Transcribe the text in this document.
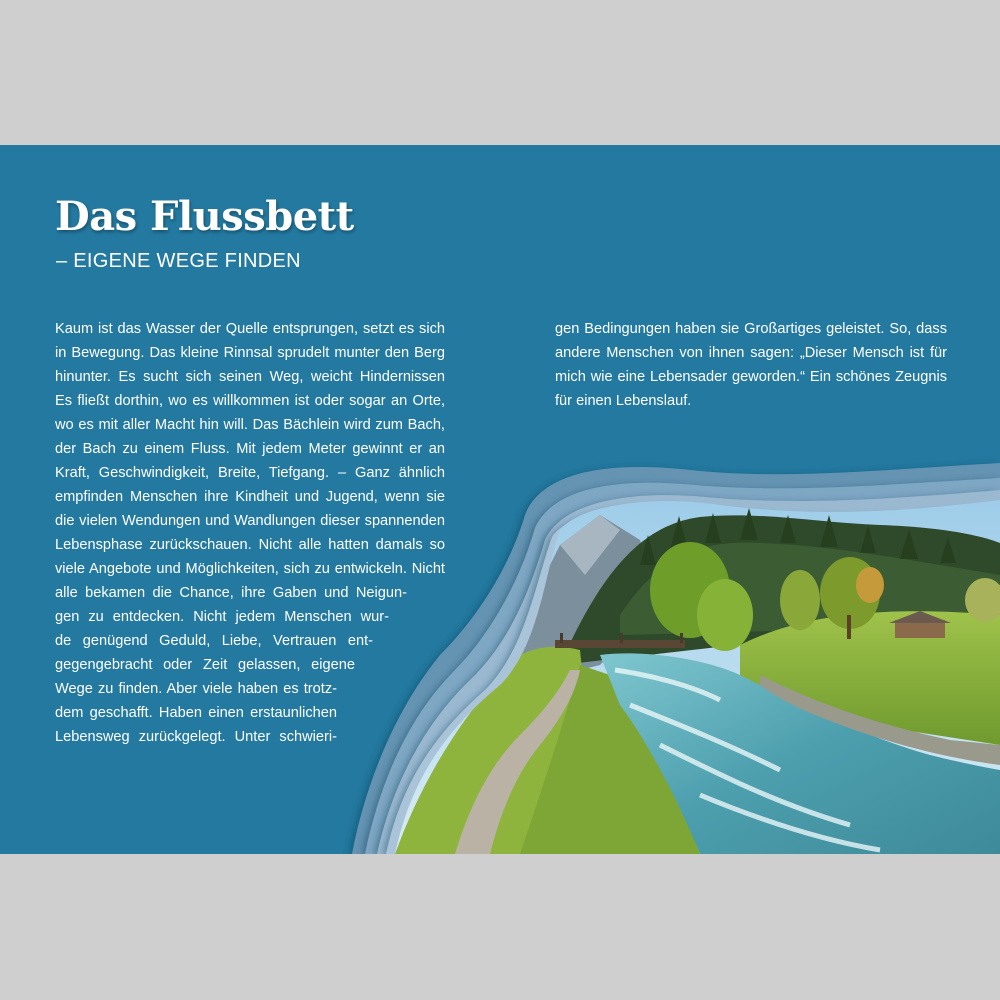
Das Flussbett
– EIGENE WEGE FINDEN
Kaum ist das Wasser der Quelle entsprungen, setzt es sich
in Bewegung. Das kleine Rinnsal sprudelt munter den Berg
hinunter. Es sucht sich seinen Weg, weicht Hindernissen
Es fließt dorthin, wo es willkommen ist oder sogar an Orte,
wo es mit aller Macht hin will. Das Bächlein wird zum Bach,
der Bach zu einem Fluss. Mit jedem Meter gewinnt er an
Kraft, Geschwindigkeit, Breite, Tiefgang. – Ganz ähnlich
empfinden Menschen ihre Kindheit und Jugend, wenn sie
die vielen Wendungen und Wandlungen dieser spannenden
Lebensphase zurückschauen. Nicht alle hatten damals so
viele Angebote und Möglichkeiten, sich zu entwickeln. Nicht
alle bekamen die Chance, ihre Gaben und Neigun-
gen zu entdecken. Nicht jedem Menschen wur-
de genügend Geduld, Liebe, Vertrauen ent-
gegengebracht oder Zeit gelassen, eigene
Wege zu finden. Aber viele haben es trotz-
dem geschafft. Haben einen erstaunlichen
Lebensweg zurückgelegt. Unter schwieri-
gen Bedingungen haben sie Großartiges geleistet. So, dass
andere Menschen von ihnen sagen: „Dieser Mensch ist für
mich wie eine Lebensader geworden.“ Ein schönes Zeugnis
für einen Lebenslauf.
